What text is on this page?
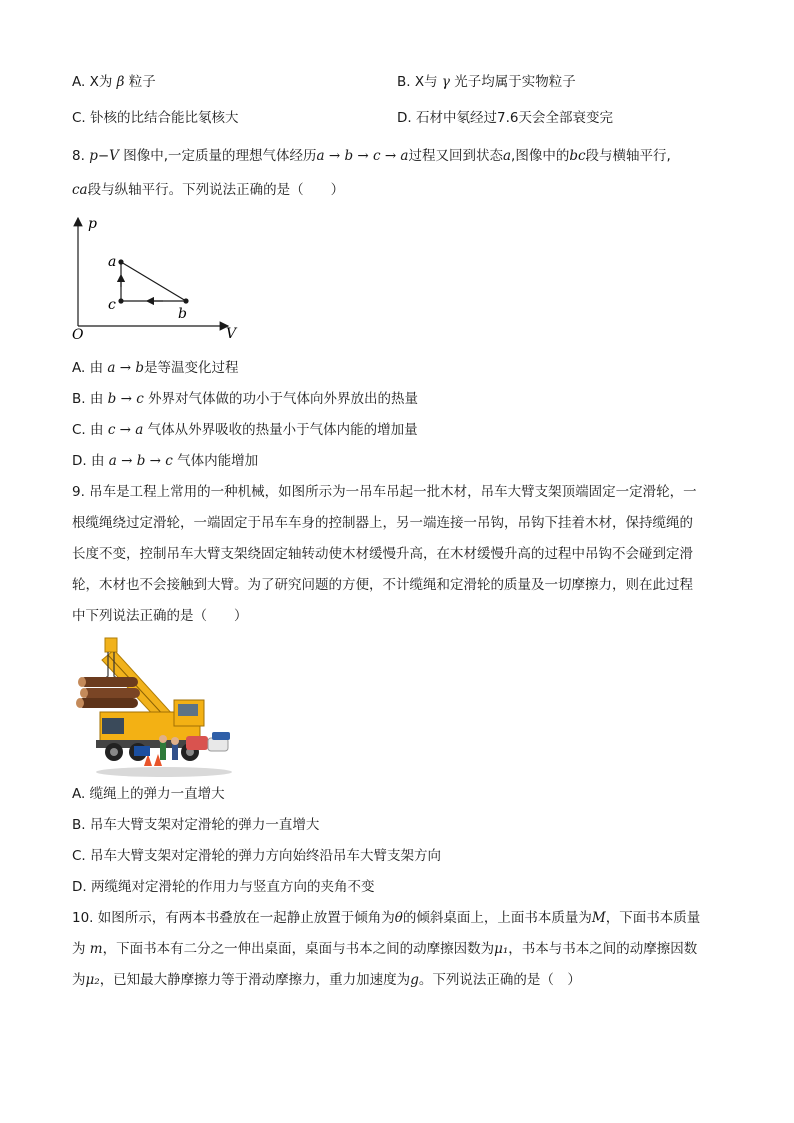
A. X为 β 粒子	B. X与 γ 光子均属于实物粒子
C. 钋核的比结合能比氡核大	D. 石材中氡经过7.6天会全部衰变完
8. p−V 图像中,一定质量的理想气体经历a → b → c → a过程又回到状态a,图像中的bc段与横轴平行,
ca段与纵轴平行。下列说法正确的是（　　）
p
V
O
a
b
c
A. 由 a → b是等温变化过程
B. 由 b → c 外界对气体做的功小于气体向外界放出的热量
C. 由 c → a 气体从外界吸收的热量小于气体内能的增加量
D. 由 a → b → c 气体内能增加
9. 吊车是工程上常用的一种机械，如图所示为一吊车吊起一批木材，吊车大臂支架顶端固定一定滑轮，一
根缆绳绕过定滑轮，一端固定于吊车车身的控制器上，另一端连接一吊钩，吊钩下挂着木材，保持缆绳的
长度不变，控制吊车大臂支架绕固定轴转动使木材缓慢升高，在木材缓慢升高的过程中吊钩不会碰到定滑
轮，木材也不会接触到大臂。为了研究问题的方便，不计缆绳和定滑轮的质量及一切摩擦力，则在此过程
中下列说法正确的是（　　）
A. 缆绳上的弹力一直增大
B. 吊车大臂支架对定滑轮的弹力一直增大
C. 吊车大臂支架对定滑轮的弹力方向始终沿吊车大臂支架方向
D. 两缆绳对定滑轮的作用力与竖直方向的夹角不变
10. 如图所示，有两本书叠放在一起静止放置于倾角为θ的倾斜桌面上，上面书本质量为M，下面书本质量
为 m，下面书本有二分之一伸出桌面，桌面与书本之间的动摩擦因数为μ₁，书本与书本之间的动摩擦因数
为μ₂，已知最大静摩擦力等于滑动摩擦力，重力加速度为g。下列说法正确的是（　）
